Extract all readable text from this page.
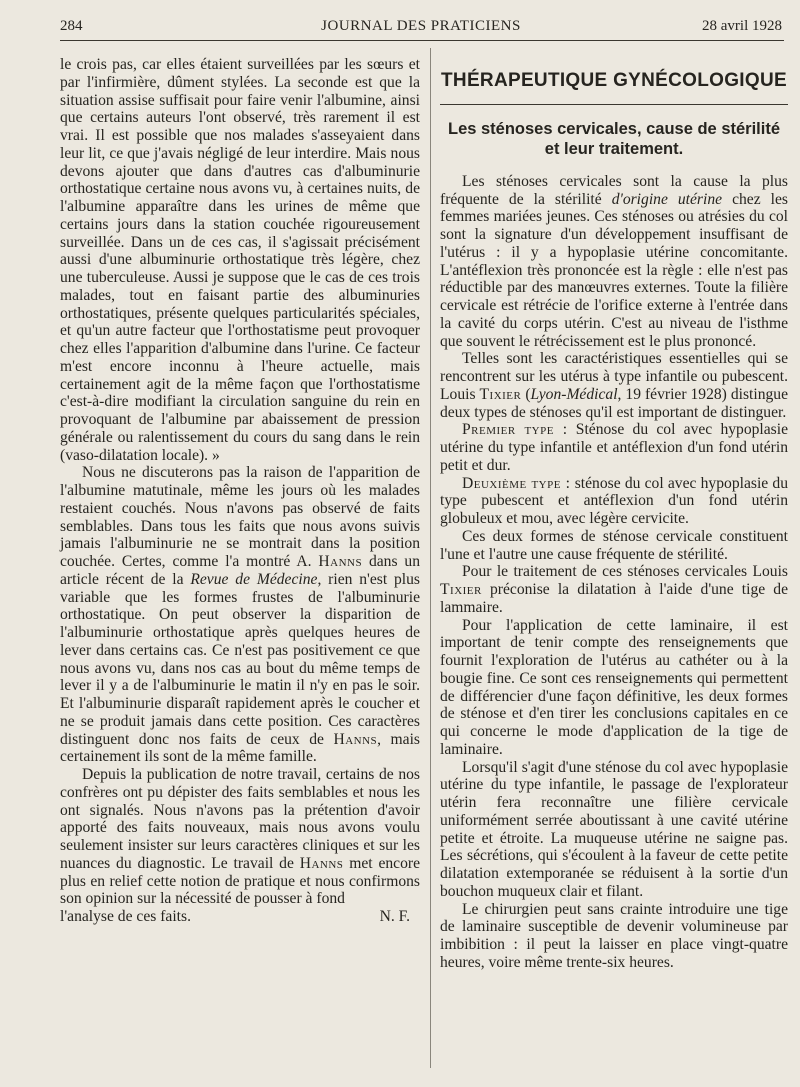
284	JOURNAL DES PRATICIENS	28 avril 1928

le crois pas, car elles étaient surveillées par les sœurs et par l'infirmière, dûment stylées. La seconde est que la situation assise suffisait pour faire venir l'albumine, ainsi que certains auteurs l'ont observé, très rarement il est vrai. Il est possible que nos malades s'asseyaient dans leur lit, ce que j'avais négligé de leur interdire. Mais nous devons ajouter que dans d'autres cas d'albuminurie orthostatique certaine nous avons vu, à certaines nuits, de l'albumine apparaître dans les urines de même que certains jours dans la station couchée rigoureusement surveillée. Dans un de ces cas, il s'agissait précisément aussi d'une albuminurie orthostatique très légère, chez une tuberculeuse. Aussi je suppose que le cas de ces trois malades, tout en faisant partie des albuminuries orthostatiques, présente quelques particularités spéciales, et qu'un autre facteur que l'orthostatisme peut provoquer chez elles l'apparition d'albumine dans l'urine. Ce facteur m'est encore inconnu à l'heure actuelle, mais certainement agit de la même façon que l'orthostatisme c'est-à-dire modifiant la circulation sanguine du rein en provoquant de l'albumine par abaissement de pression générale ou ralentissement du cours du sang dans le rein (vaso-dilatation locale). »

Nous ne discuterons pas la raison de l'apparition de l'albumine matutinale, même les jours où les malades restaient couchés. Nous n'avons pas observé de faits semblables. Dans tous les faits que nous avons suivis jamais l'albuminurie ne se montrait dans la position couchée. Certes, comme l'a montré A. Hanns dans un article récent de la Revue de Médecine, rien n'est plus variable que les formes frustes de l'albuminurie orthostatique. On peut observer la disparition de l'albuminurie orthostatique après quelques heures de lever dans certains cas. Ce n'est pas positivement ce que nous avons vu, dans nos cas au bout du même temps de lever il y a de l'albuminurie le matin il n'y en pas le soir. Et l'albuminurie disparaît rapidement après le coucher et ne se produit jamais dans cette position. Ces caractères distinguent donc nos faits de ceux de Hanns, mais certainement ils sont de la même famille.

Depuis la publication de notre travail, certains de nos confrères ont pu dépister des faits semblables et nous les ont signalés. Nous n'avons pas la prétention d'avoir apporté des faits nouveaux, mais nous avons voulu seulement insister sur leurs caractères cliniques et sur les nuances du diagnostic. Le travail de Hanns met encore plus en relief cette notion de pratique et nous confirmons son opinion sur la nécessité de pousser à fond

l'analyse de ces faits.	N. F.

THÉRAPEUTIQUE GYNÉCOLOGIQUE
Les sténoses cervicales, cause de stérilité et leur traitement.

Les sténoses cervicales sont la cause la plus fréquente de la stérilité d'origine utérine chez les femmes mariées jeunes. Ces sténoses ou atrésies du col sont la signature d'un développement insuffisant de l'utérus : il y a hypoplasie utérine concomitante. L'antéflexion très prononcée est la règle : elle n'est pas réductible par des manœuvres externes. Toute la filière cervicale est rétrécie de l'orifice externe à l'entrée dans la cavité du corps utérin. C'est au niveau de l'isthme que souvent le rétrécissement est le plus prononcé.

Telles sont les caractéristiques essentielles qui se rencontrent sur les utérus à type infantile ou pubescent. Louis Tixier (Lyon-Médical, 19 février 1928) distingue deux types de sténoses qu'il est important de distinguer.

Premier type : Sténose du col avec hypoplasie utérine du type infantile et antéflexion d'un fond utérin petit et dur.

Deuxième type : sténose du col avec hypoplasie du type pubescent et antéflexion d'un fond utérin globuleux et mou, avec légère cervicite.

Ces deux formes de sténose cervicale constituent l'une et l'autre une cause fréquente de stérilité.

Pour le traitement de ces sténoses cervicales Louis Tixier préconise la dilatation à l'aide d'une tige de lammaire.

Pour l'application de cette laminaire, il est important de tenir compte des renseignements que fournit l'exploration de l'utérus au cathéter ou à la bougie fine. Ce sont ces renseignements qui permettent de différencier d'une façon définitive, les deux formes de sténose et d'en tirer les conclusions capitales en ce qui concerne le mode d'application de la tige de laminaire.

Lorsqu'il s'agit d'une sténose du col avec hypoplasie utérine du type infantile, le passage de l'explorateur utérin fera reconnaître une filière cervicale uniformément serrée aboutissant à une cavité utérine petite et étroite. La muqueuse utérine ne saigne pas. Les sécrétions, qui s'écoulent à la faveur de cette petite dilatation extemporanée se réduisent à la sortie d'un bouchon muqueux clair et filant.

Le chirurgien peut sans crainte introduire une tige de laminaire susceptible de devenir volumineuse par imbibition : il peut la laisser en place vingt-quatre heures, voire même trente-six heures.
